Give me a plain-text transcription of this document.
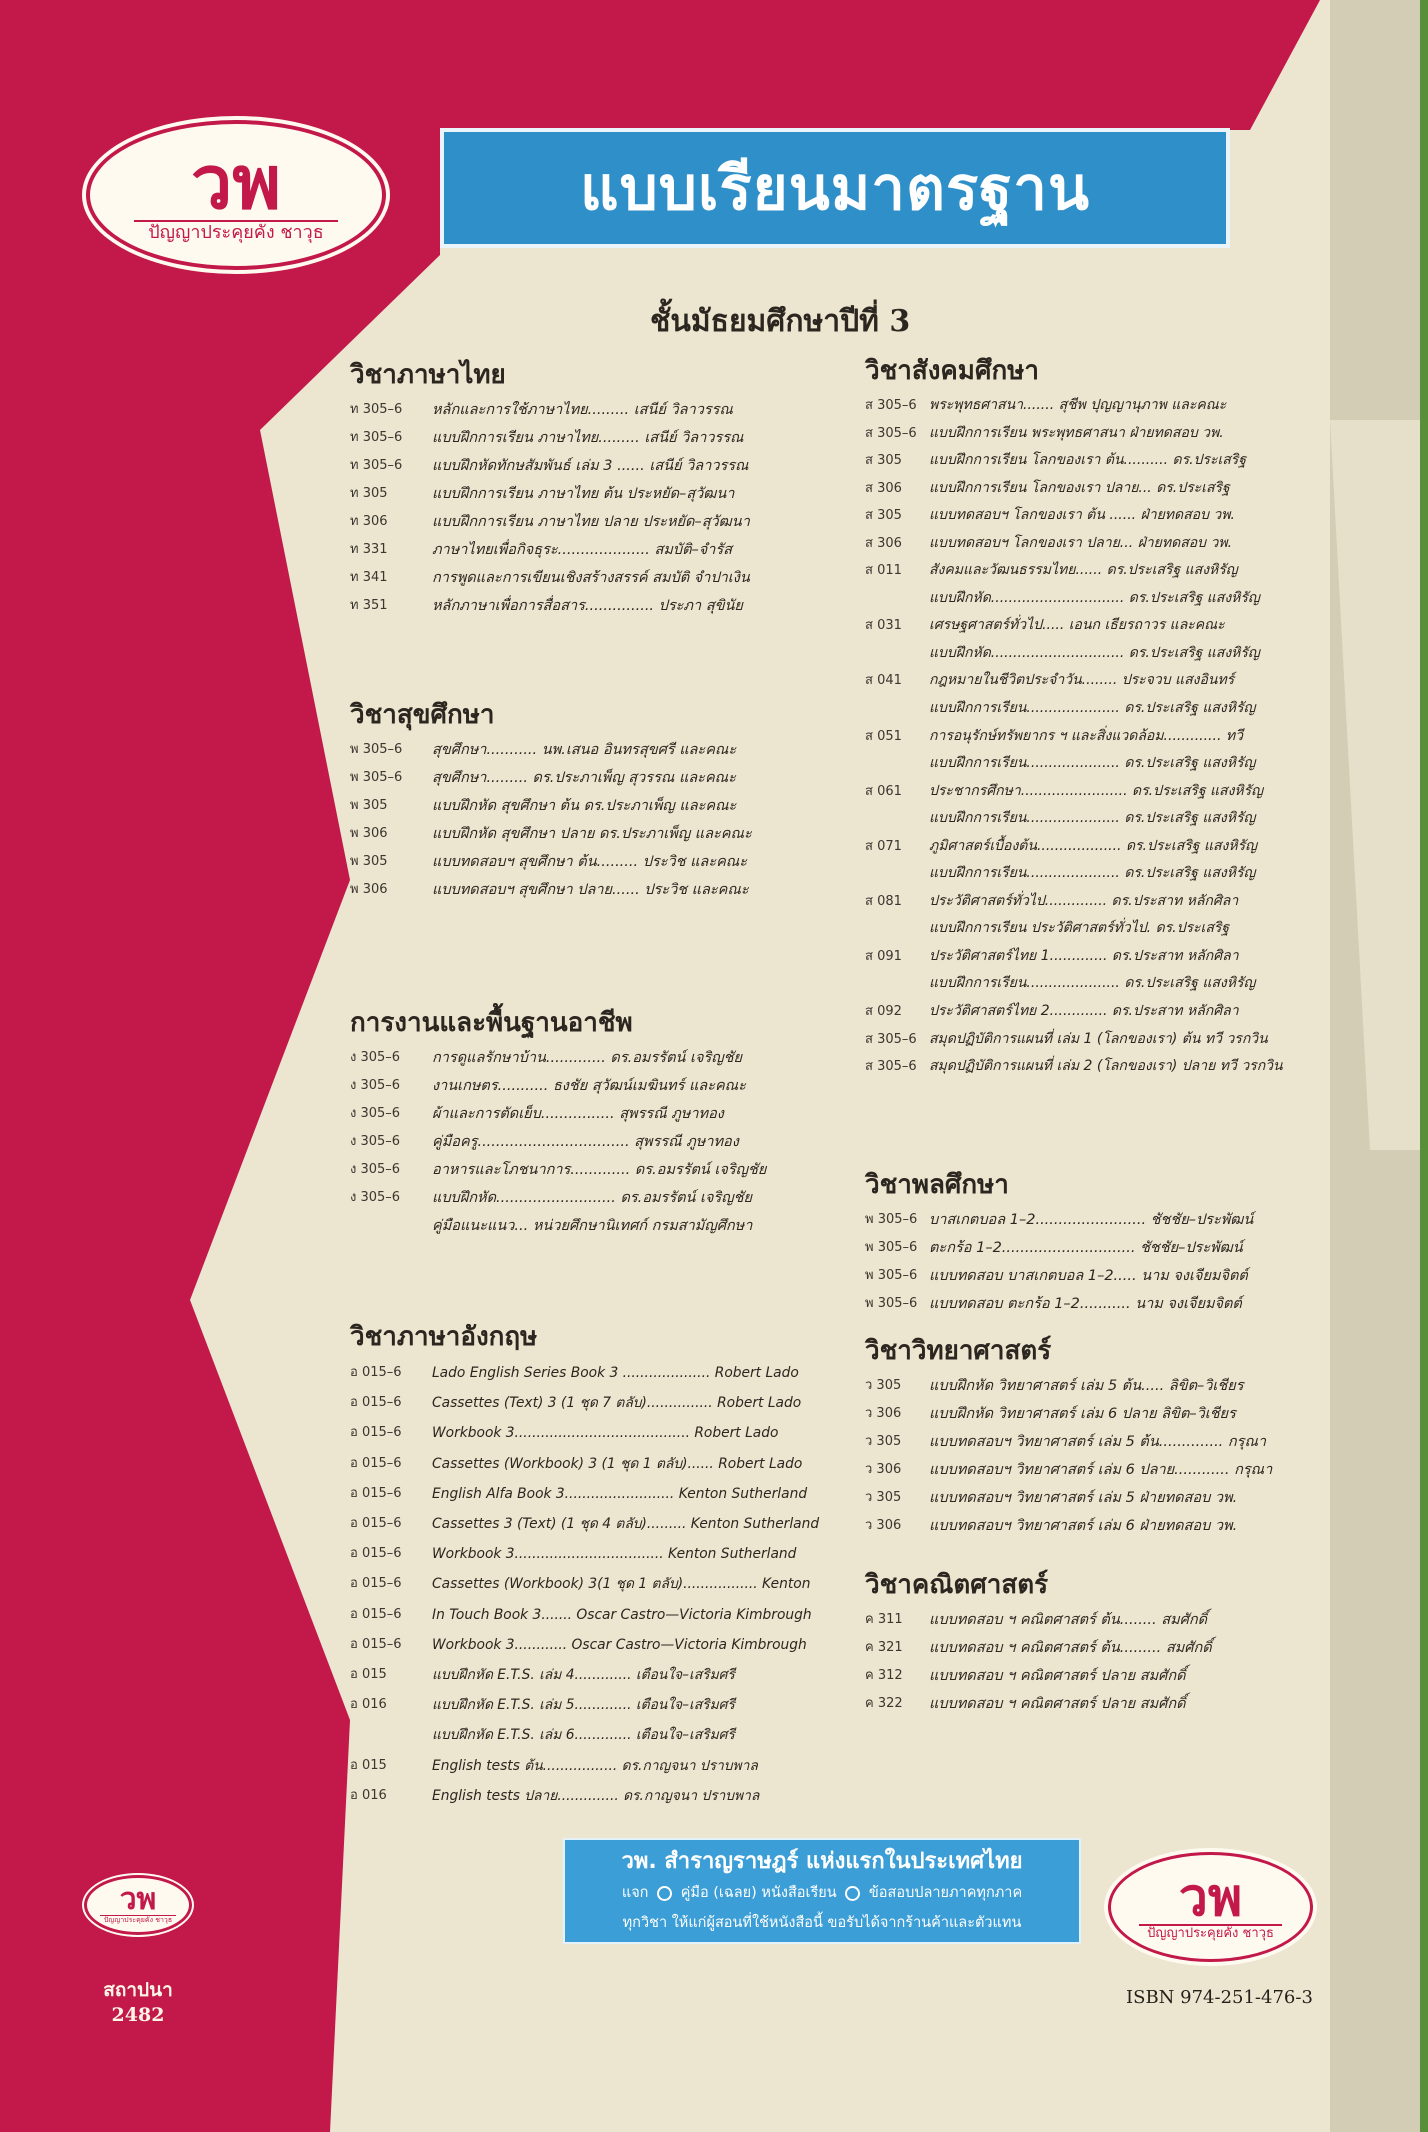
วพ
ปัญญาประคุยคัง ชาวุธ
แบบเรียนมาตรฐาน
ชั้นมัธยมศึกษาปีที่ 3
วิชาภาษาไทย
ท 305–6	หลักและการใช้ภาษาไทย......... เสนีย์ วิลาวรรณ
ท 305–6	แบบฝึกการเรียน ภาษาไทย......... เสนีย์ วิลาวรรณ
ท 305–6	แบบฝึกหัดทักษสัมพันธ์ เล่ม 3 ...... เสนีย์ วิลาวรรณ
ท 305	แบบฝึกการเรียน ภาษาไทย ต้น ประหยัด–สุวัฒนา
ท 306	แบบฝึกการเรียน ภาษาไทย ปลาย ประหยัด–สุวัฒนา
ท 331	ภาษาไทยเพื่อกิจธุระ.................... สมบัติ–จำรัส
ท 341	การพูดและการเขียนเชิงสร้างสรรค์ สมบัติ จำปาเงิน
ท 351	หลักภาษาเพื่อการสื่อสาร............... ประภา สุขินัย
วิชาสุขศึกษา
พ 305–6	สุขศึกษา........... นพ.เสนอ อินทรสุขศรี และคณะ
พ 305–6	สุขศึกษา......... ดร.ประภาเพ็ญ สุวรรณ และคณะ
พ 305	แบบฝึกหัด สุขศึกษา ต้น ดร.ประภาเพ็ญ และคณะ
พ 306	แบบฝึกหัด สุขศึกษา ปลาย ดร.ประภาเพ็ญ และคณะ
พ 305	แบบทดสอบฯ สุขศึกษา ต้น......... ประวิช และคณะ
พ 306	แบบทดสอบฯ สุขศึกษา ปลาย...... ประวิช และคณะ
การงานและพื้นฐานอาชีพ
ง 305–6	การดูแลรักษาบ้าน............. ดร.อมรรัตน์ เจริญชัย
ง 305–6	งานเกษตร........... ธงชัย สุวัฒน์เมฆินทร์ และคณะ
ง 305–6	ผ้าและการตัดเย็บ................ สุพรรณี ภูษาทอง
ง 305–6	คู่มือครู................................. สุพรรณี ภูษาทอง
ง 305–6	อาหารและโภชนาการ............. ดร.อมรรัตน์ เจริญชัย
ง 305–6	แบบฝึกหัด.......................... ดร.อมรรัตน์ เจริญชัย
คู่มือแนะแนว... หน่วยศึกษานิเทศก์ กรมสามัญศึกษา
วิชาภาษาอังกฤษ
อ 015–6	Lado English Series Book 3 .................... Robert Lado
อ 015–6	Cassettes (Text) 3 (1 ชุด 7 ตลับ)............... Robert Lado
อ 015–6	Workbook 3........................................ Robert Lado
อ 015–6	Cassettes (Workbook) 3 (1 ชุด 1 ตลับ)...... Robert Lado
อ 015–6	English Alfa Book 3......................... Kenton Sutherland
อ 015–6	Cassettes 3 (Text) (1 ชุด 4 ตลับ)......... Kenton Sutherland
อ 015–6	Workbook 3.................................. Kenton Sutherland
อ 015–6	Cassettes (Workbook) 3(1 ชุด 1 ตลับ)................. Kenton
อ 015–6	In Touch Book 3....... Oscar Castro—Victoria Kimbrough
อ 015–6	Workbook 3............ Oscar Castro—Victoria Kimbrough
อ 015	แบบฝึกหัด E.T.S. เล่ม 4............. เตือนใจ–เสริมศรี
อ 016	แบบฝึกหัด E.T.S. เล่ม 5............. เตือนใจ–เสริมศรี
แบบฝึกหัด E.T.S. เล่ม 6............. เตือนใจ–เสริมศรี
อ 015	English tests ต้น................. ดร.กาญจนา ปราบพาล
อ 016	English tests ปลาย.............. ดร.กาญจนา ปราบพาล
วิชาสังคมศึกษา
ส 305–6 พระพุทธศาสนา....... สุชีพ ปุญญานุภาพ และคณะ
ส 305–6 แบบฝึกการเรียน พระพุทธศาสนา ฝ่ายทดสอบ วพ.
ส 305	แบบฝึกการเรียน โลกของเรา ต้น.......... ดร.ประเสริฐ
ส 306	แบบฝึกการเรียน โลกของเรา ปลาย... ดร.ประเสริฐ
ส 305	แบบทดสอบฯ โลกของเรา ต้น ...... ฝ่ายทดสอบ วพ.
ส 306	แบบทดสอบฯ โลกของเรา ปลาย... ฝ่ายทดสอบ วพ.
ส 011	สังคมและวัฒนธรรมไทย...... ดร.ประเสริฐ แสงหิรัญ
แบบฝึกหัด.............................. ดร.ประเสริฐ แสงหิรัญ
ส 031	เศรษฐศาสตร์ทั่วไป..... เอนก เธียรถาวร และคณะ
แบบฝึกหัด.............................. ดร.ประเสริฐ แสงหิรัญ
ส 041	กฎหมายในชีวิตประจำวัน........ ประจวบ แสงอินทร์
แบบฝึกการเรียน..................... ดร.ประเสริฐ แสงหิรัญ
ส 051	การอนุรักษ์ทรัพยากร ฯ และสิ่งแวดล้อม............. ทวี
แบบฝึกการเรียน..................... ดร.ประเสริฐ แสงหิรัญ
ส 061	ประชากรศึกษา........................ ดร.ประเสริฐ แสงหิรัญ
แบบฝึกการเรียน..................... ดร.ประเสริฐ แสงหิรัญ
ส 071	ภูมิศาสตร์เบื้องต้น................... ดร.ประเสริฐ แสงหิรัญ
แบบฝึกการเรียน..................... ดร.ประเสริฐ แสงหิรัญ
ส 081	ประวัติศาสตร์ทั่วไป.............. ดร.ประสาท หลักศิลา
แบบฝึกการเรียน ประวัติศาสตร์ทั่วไป. ดร.ประเสริฐ
ส 091	ประวัติศาสตร์ไทย 1............. ดร.ประสาท หลักศิลา
แบบฝึกการเรียน..................... ดร.ประเสริฐ แสงหิรัญ
ส 092	ประวัติศาสตร์ไทย 2............. ดร.ประสาท หลักศิลา
ส 305–6 สมุดปฏิบัติการแผนที่ เล่ม 1 (โลกของเรา) ต้น ทวี วรกวิน
ส 305–6 สมุดปฏิบัติการแผนที่ เล่ม 2 (โลกของเรา) ปลาย ทวี วรกวิน
วิชาพลศึกษา
พ 305–6 บาสเกตบอล 1–2........................ ชัชชัย–ประพัฒน์
พ 305–6 ตะกร้อ 1–2............................. ชัชชัย–ประพัฒน์
พ 305–6 แบบทดสอบ บาสเกตบอล 1–2..... นาม จงเจียมจิตต์
พ 305–6 แบบทดสอบ ตะกร้อ 1–2........... นาม จงเจียมจิตต์
วิชาวิทยาศาสตร์
ว 305	แบบฝึกหัด วิทยาศาสตร์ เล่ม 5 ต้น..... ลิขิต–วิเชียร
ว 306	แบบฝึกหัด วิทยาศาสตร์ เล่ม 6 ปลาย ลิขิต–วิเชียร
ว 305	แบบทดสอบฯ วิทยาศาสตร์ เล่ม 5 ต้น.............. กรุณา
ว 306	แบบทดสอบฯ วิทยาศาสตร์ เล่ม 6 ปลาย............ กรุณา
ว 305	แบบทดสอบฯ วิทยาศาสตร์ เล่ม 5 ฝ่ายทดสอบ วพ.
ว 306	แบบทดสอบฯ วิทยาศาสตร์ เล่ม 6 ฝ่ายทดสอบ วพ.
วิชาคณิตศาสตร์
ค 311	แบบทดสอบ ฯ คณิตศาสตร์ ต้น........ สมศักดิ์
ค 321	แบบทดสอบ ฯ คณิตศาสตร์ ต้น......... สมศักดิ์
ค 312	แบบทดสอบ ฯ คณิตศาสตร์ ปลาย สมศักดิ์
ค 322	แบบทดสอบ ฯ คณิตศาสตร์ ปลาย สมศักดิ์
วพ. สำราญราษฎร์ แห่งแรกในประเทศไทย
แจก คู่มือ (เฉลย) หนังสือเรียน ข้อสอบปลายภาคทุกภาค
ทุกวิชา ให้แก่ผู้สอนที่ใช้หนังสือนี้ ขอรับได้จากร้านค้าและตัวแทน	วพ
ปัญญาประคุยคัง ชาวุธ
วพ
ปัญญาประคุยคัง ชาวุธ
สถาปนา
2482
ISBN 974-251-476-3
